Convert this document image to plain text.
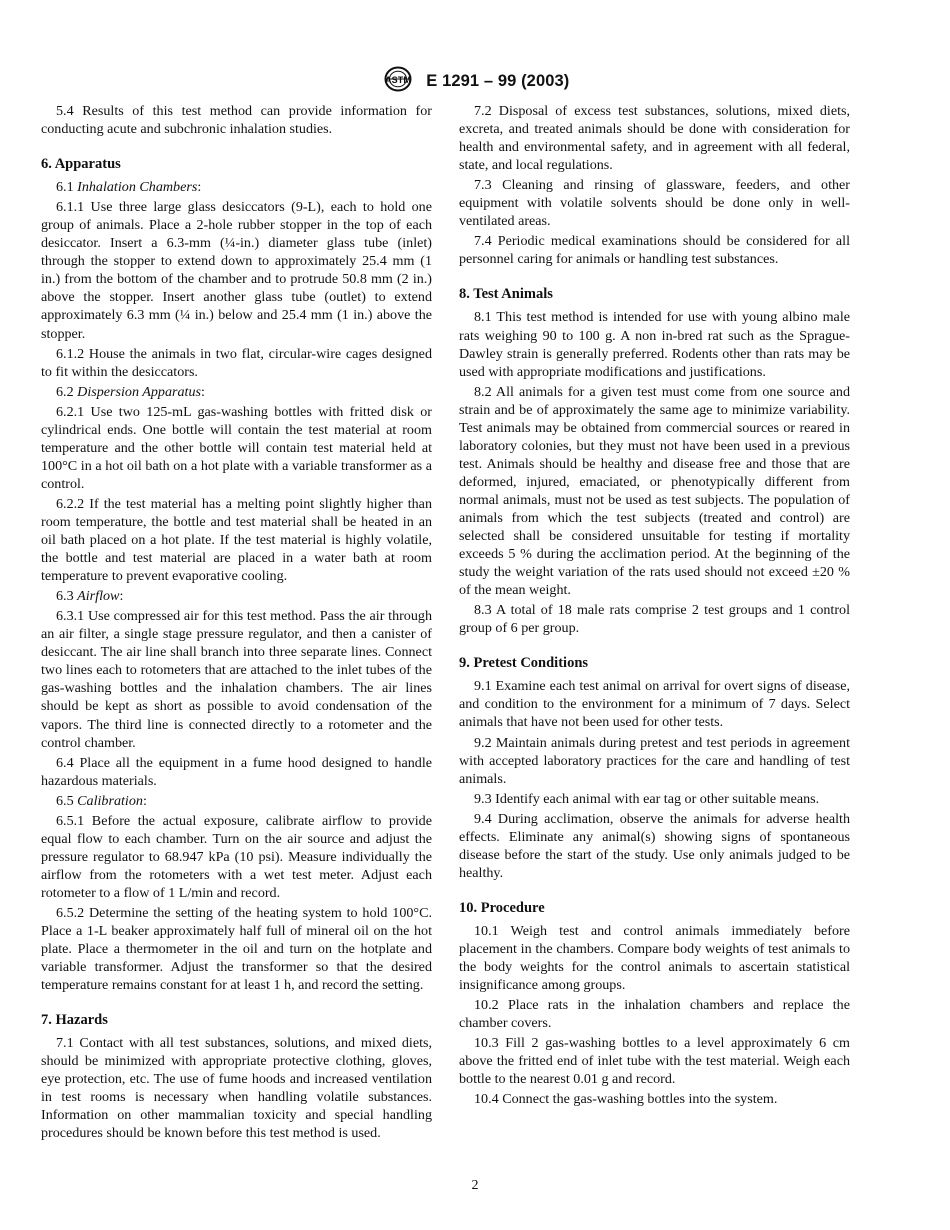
ASTM E 1291 – 99 (2003)
5.4 Results of this test method can provide information for conducting acute and subchronic inhalation studies.
6. Apparatus
6.1 Inhalation Chambers:
6.1.1 Use three large glass desiccators (9-L), each to hold one group of animals. Place a 2-hole rubber stopper in the top of each desiccator. Insert a 6.3-mm (¼-in.) diameter glass tube (inlet) through the stopper to extend down to approximately 25.4 mm (1 in.) from the bottom of the chamber and to protrude 50.8 mm (2 in.) above the stopper. Insert another glass tube (outlet) to extend approximately 6.3 mm (¼ in.) below and 25.4 mm (1 in.) above the stopper.
6.1.2 House the animals in two flat, circular-wire cages designed to fit within the desiccators.
6.2 Dispersion Apparatus:
6.2.1 Use two 125-mL gas-washing bottles with fritted disk or cylindrical ends. One bottle will contain the test material at room temperature and the other bottle will contain test material held at 100°C in a hot oil bath on a hot plate with a variable transformer as a control.
6.2.2 If the test material has a melting point slightly higher than room temperature, the bottle and test material shall be heated in an oil bath placed on a hot plate. If the test material is highly volatile, the bottle and test material are placed in a water bath at room temperature to prevent evaporative cooling.
6.3 Airflow:
6.3.1 Use compressed air for this test method. Pass the air through an air filter, a single stage pressure regulator, and then a canister of desiccant. The air line shall branch into three separate lines. Connect two lines each to rotometers that are attached to the inlet tubes of the gas-washing bottles and the inhalation chambers. The air lines should be kept as short as possible to avoid condensation of the vapors. The third line is connected directly to a rotometer and the control chamber.
6.4 Place all the equipment in a fume hood designed to handle hazardous materials.
6.5 Calibration:
6.5.1 Before the actual exposure, calibrate airflow to provide equal flow to each chamber. Turn on the air source and adjust the pressure regulator to 68.947 kPa (10 psi). Measure individually the airflow from the rotometers with a wet test meter. Adjust each rotometer to a flow of 1 L/min and record.
6.5.2 Determine the setting of the heating system to hold 100°C. Place a 1-L beaker approximately half full of mineral oil on the hot plate. Place a thermometer in the oil and turn on the hotplate and variable transformer. Adjust the transformer so that the desired temperature remains constant for at least 1 h, and record the setting.
7. Hazards
7.1 Contact with all test substances, solutions, and mixed diets, should be minimized with appropriate protective clothing, gloves, eye protection, etc. The use of fume hoods and increased ventilation in test rooms is necessary when handling volatile substances. Information on other mammalian toxicity and special handling procedures should be known before this test method is used.
7.2 Disposal of excess test substances, solutions, mixed diets, excreta, and treated animals should be done with consideration for health and environmental safety, and in agreement with all federal, state, and local regulations.
7.3 Cleaning and rinsing of glassware, feeders, and other equipment with volatile solvents should be done only in well-ventilated areas.
7.4 Periodic medical examinations should be considered for all personnel caring for animals or handling test substances.
8. Test Animals
8.1 This test method is intended for use with young albino male rats weighing 90 to 100 g. A non in-bred rat such as the Sprague-Dawley strain is generally preferred. Rodents other than rats may be used with appropriate modifications and justifications.
8.2 All animals for a given test must come from one source and strain and be of approximately the same age to minimize variability. Test animals may be obtained from commercial sources or reared in laboratory colonies, but they must not have been used in a previous test. Animals should be healthy and disease free and those that are deformed, injured, emaciated, or phenotypically different from normal animals, must not be used as test subjects. The population of animals from which the test subjects (treated and control) are selected shall be considered unsuitable for testing if mortality exceeds 5 % during the acclimation period. At the beginning of the study the weight variation of the rats used should not exceed ±20 % of the mean weight.
8.3 A total of 18 male rats comprise 2 test groups and 1 control group of 6 per group.
9. Pretest Conditions
9.1 Examine each test animal on arrival for overt signs of disease, and condition to the environment for a minimum of 7 days. Select animals that have not been used for other tests.
9.2 Maintain animals during pretest and test periods in agreement with accepted laboratory practices for the care and handling of test animals.
9.3 Identify each animal with ear tag or other suitable means.
9.4 During acclimation, observe the animals for adverse health effects. Eliminate any animal(s) showing signs of spontaneous disease before the start of the study. Use only animals judged to be healthy.
10. Procedure
10.1 Weigh test and control animals immediately before placement in the chambers. Compare body weights of test animals to the body weights for the control animals to ascertain statistical insignificance among groups.
10.2 Place rats in the inhalation chambers and replace the chamber covers.
10.3 Fill 2 gas-washing bottles to a level approximately 6 cm above the fritted end of inlet tube with the test material. Weigh each bottle to the nearest 0.01 g and record.
10.4 Connect the gas-washing bottles into the system.
2
